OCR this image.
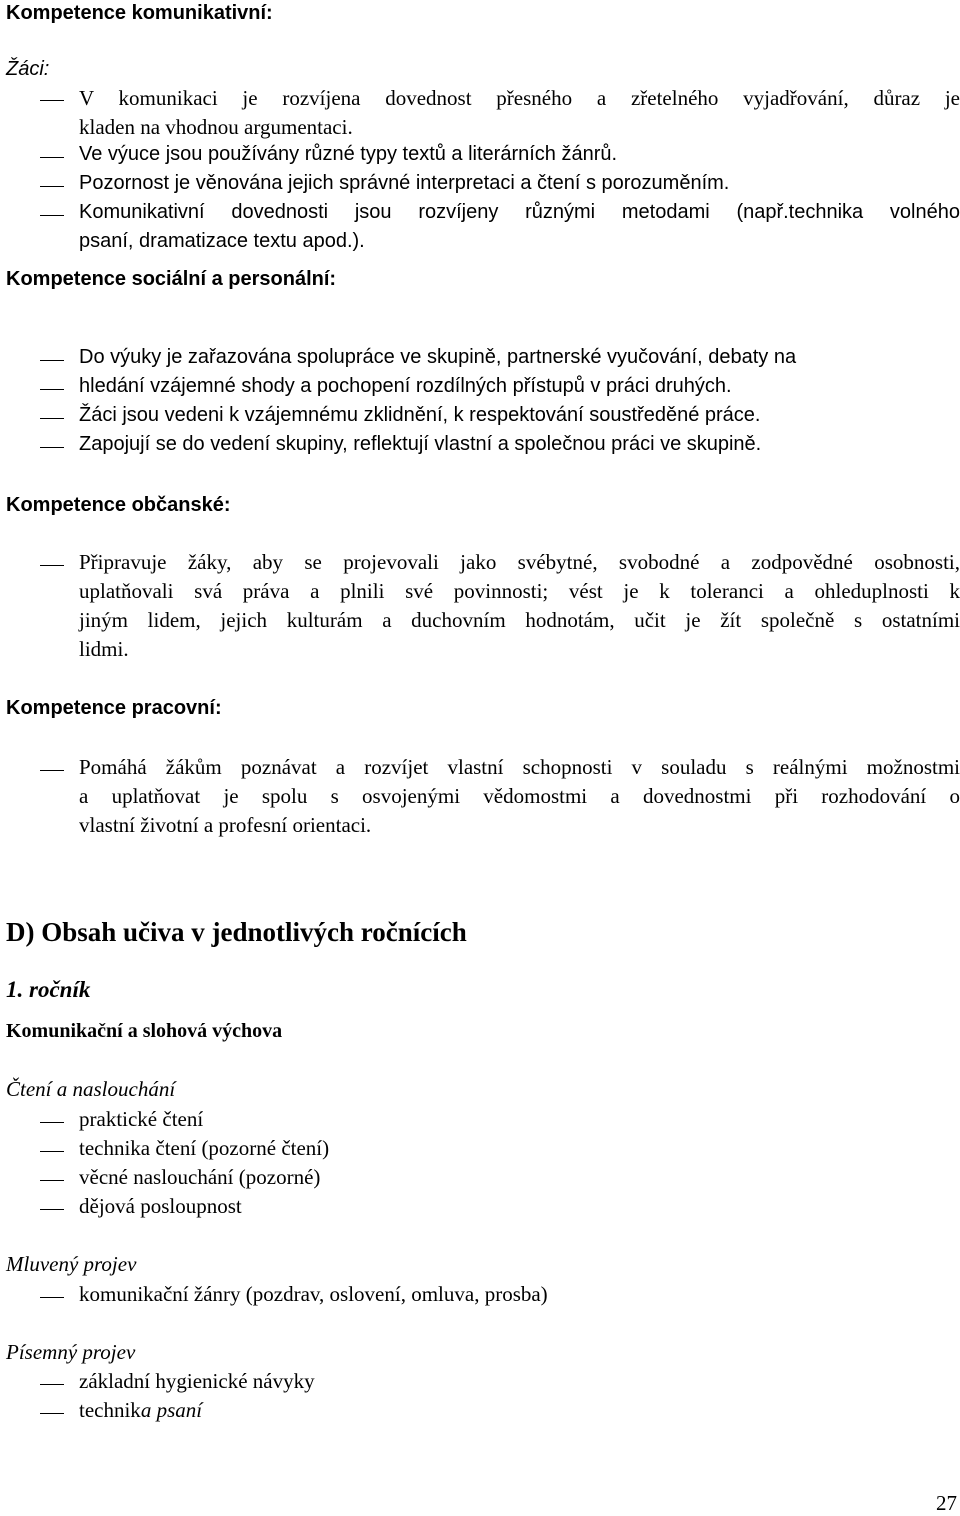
Kompetence komunikativní:
Žáci:
V komunikaci je rozvíjena dovednost přesného a zřetelného vyjadřování, důraz je
kladen na vhodnou argumentaci.
Ve výuce jsou používány různé typy textů a literárních žánrů.
Pozornost je věnována jejich správné interpretaci a čtení s porozuměním.
Komunikativní dovednosti jsou rozvíjeny různými metodami (např.technika volného
psaní, dramatizace textu apod.).
Kompetence sociální a personální:
Do výuky je zařazována spolupráce ve skupině, partnerské vyučování, debaty na
hledání vzájemné shody a pochopení rozdílných přístupů v práci druhých.
Žáci jsou vedeni k vzájemnému zklidnění, k respektování soustředěné práce.
Zapojují se do vedení skupiny, reflektují vlastní a společnou práci ve skupině.
Kompetence občanské:
Připravuje žáky, aby se projevovali jako svébytné, svobodné a zodpovědné osobnosti,
uplatňovali svá práva a plnili své povinnosti; vést je k toleranci a ohleduplnosti k
jiným lidem, jejich kulturám a duchovním hodnotám, učit je žít společně s ostatními
lidmi.
Kompetence pracovní:
Pomáhá žákům poznávat a rozvíjet vlastní schopnosti v souladu s reálnými možnostmi
a uplatňovat je spolu s osvojenými vědomostmi a dovednostmi při rozhodování o
vlastní životní a profesní orientaci.
D) Obsah učiva v jednotlivých ročnících
1. ročník
Komunikační a slohová výchova
Čtení a naslouchání
praktické čtení
technika čtení (pozorné čtení)
věcné naslouchání (pozorné)
dějová posloupnost
Mluvený projev
komunikační žánry (pozdrav, oslovení, omluva, prosba)
Písemný projev
základní hygienické návyky
technika psaní
27
